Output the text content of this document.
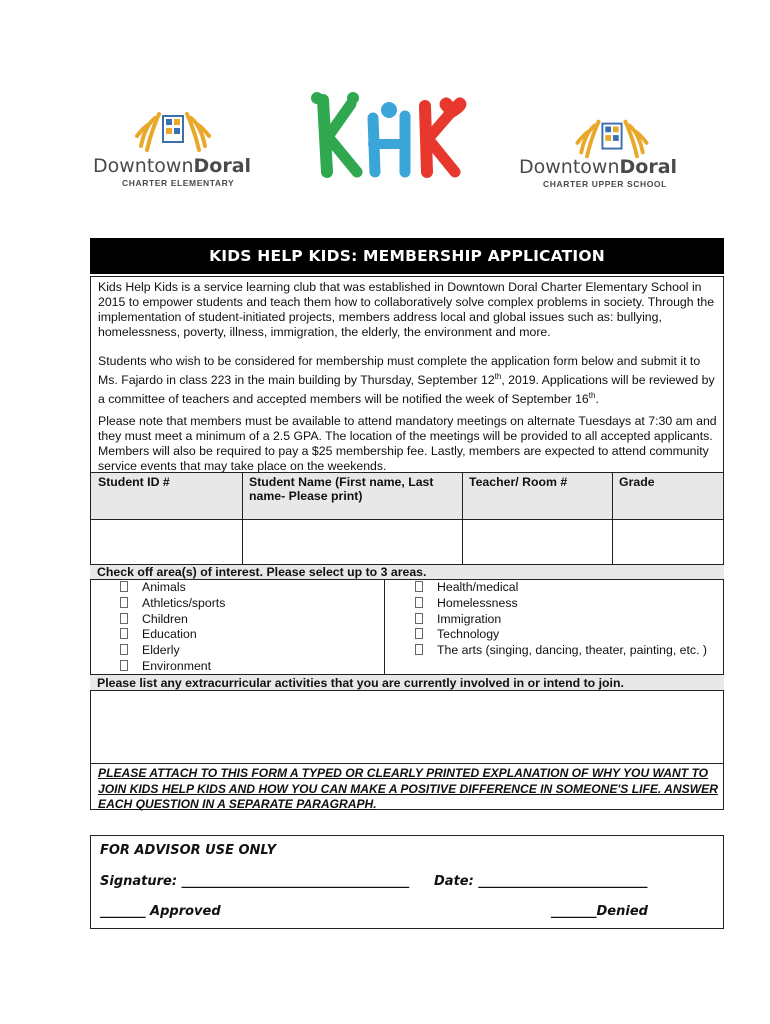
DowntownDoral
CHARTER ELEMENTARY
DowntownDoral
CHARTER UPPER SCHOOL
KIDS HELP KIDS: MEMBERSHIP APPLICATION
Kids Help Kids is a service learning club that was established in Downtown Doral Charter Elementary School in 2015 to empower students and teach them how to collaboratively solve complex problems in society. Through the implementation of student-initiated projects, members address local and global issues such as: bullying, homelessness, poverty, illness, immigration, the elderly, the environment and more.
Students who wish to be considered for membership must complete the application form below and submit it to Ms. Fajardo in class 223 in the main building by Thursday, September 12th, 2019. Applications will be reviewed by a committee of teachers and accepted members will be notified the week of September 16th.
Please note that members must be available to attend mandatory meetings on alternate Tuesdays at 7:30 am and they must meet a minimum of a 2.5 GPA. The location of the meetings will be provided to all accepted applicants. Members will also be required to pay a $25 membership fee. Lastly, members are expected to attend community service events that may take place on the weekends.
Student ID #	Student Name (First name, Last name- Please print)	Teacher/ Room #	Grade

Check off area(s) of interest. Please select up to 3 areas.
Animals
Athletics/sports
Children
Education
Elderly
Environment
Health/medical
Homelessness
Immigration
Technology
The arts (singing, dancing, theater, painting, etc. )
Please list any extracurricular activities that you are currently involved in or intend to join.
PLEASE ATTACH TO THIS FORM A TYPED OR CLEARLY PRINTED EXPLANATION OF WHY YOU WANT TO JOIN KIDS HELP KIDS AND HOW YOU CAN MAKE A POSITIVE DIFFERENCE IN SOMEONE'S LIFE. ANSWER EACH QUESTION IN A SEPARATE PARAGRAPH.
FOR ADVISOR USE ONLY
Signature: ___________________________________ Date: __________________________
_______ Approved	_______Denied
